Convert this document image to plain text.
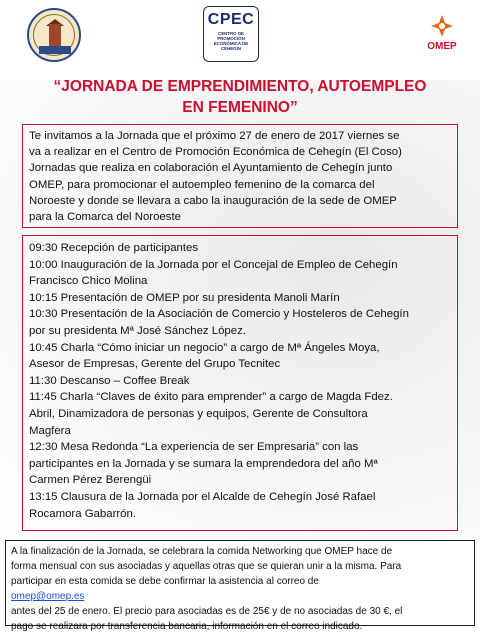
CPEC
CENTRO DE PROMOCIÓN ECONÓMICA DE CEHEGÍN	OMEP
“JORNADA DE EMPRENDIMIENTO, AUTOEMPLEO
EN FEMENINO”
Te invitamos a la Jornada que el próximo 27 de enero de 2017 viernes se
va a realizar en el Centro de Promoción Económica de Cehegín (El Coso)
Jornadas que realiza en colaboración el Ayuntamiento de Cehegín junto
OMEP, para promocionar el autoempleo femenino de la comarca del
Noroeste y donde se llevara a cabo la inauguración de la sede de OMEP
para la Comarca del Noroeste
09:30 Recepción de participantes
10:00 Inauguración de la Jornada por el Concejal de Empleo de Cehegín
Francisco Chico Molina
10:15 Presentación de OMEP por su presidenta Manoli Marín
10:30 Presentación de la Asociación de Comercio y Hosteleros de Cehegín
por su presidenta Mª José Sánchez López.
10:45 Charla “Cómo iniciar un negocio” a cargo de Mª Ángeles Moya,
Asesor de Empresas, Gerente del Grupo Tecnitec
11:30 Descanso – Coffee Break
11:45 Charla “Claves de éxito para emprender” a cargo de Magda Fdez.
Abril, Dinamizadora de personas y equipos, Gerente de Consultora
Magfera
12:30 Mesa Redonda “La experiencia de ser Empresaria” con las
participantes en la Jornada y se sumara la emprendedora del año Mª
Carmen Pérez Berengüi
13:15 Clausura de la Jornada por el Alcalde de Cehegín José Rafael
Rocamora Gabarrón.
A la finalización de la Jornada, se celebrara la comida Networking que OMEP hace de
forma mensual con sus asociadas y aquellas otras que se quieran unir a la misma. Para
participar en esta comida se debe confirmar la asistencia al correo de
omep@omep.es
antes del 25 de enero. El precio para asociadas es de 25€ y de no asociadas de 30 €, el
pago se realizara por transferencia bancaria, información en el correo indicado.
